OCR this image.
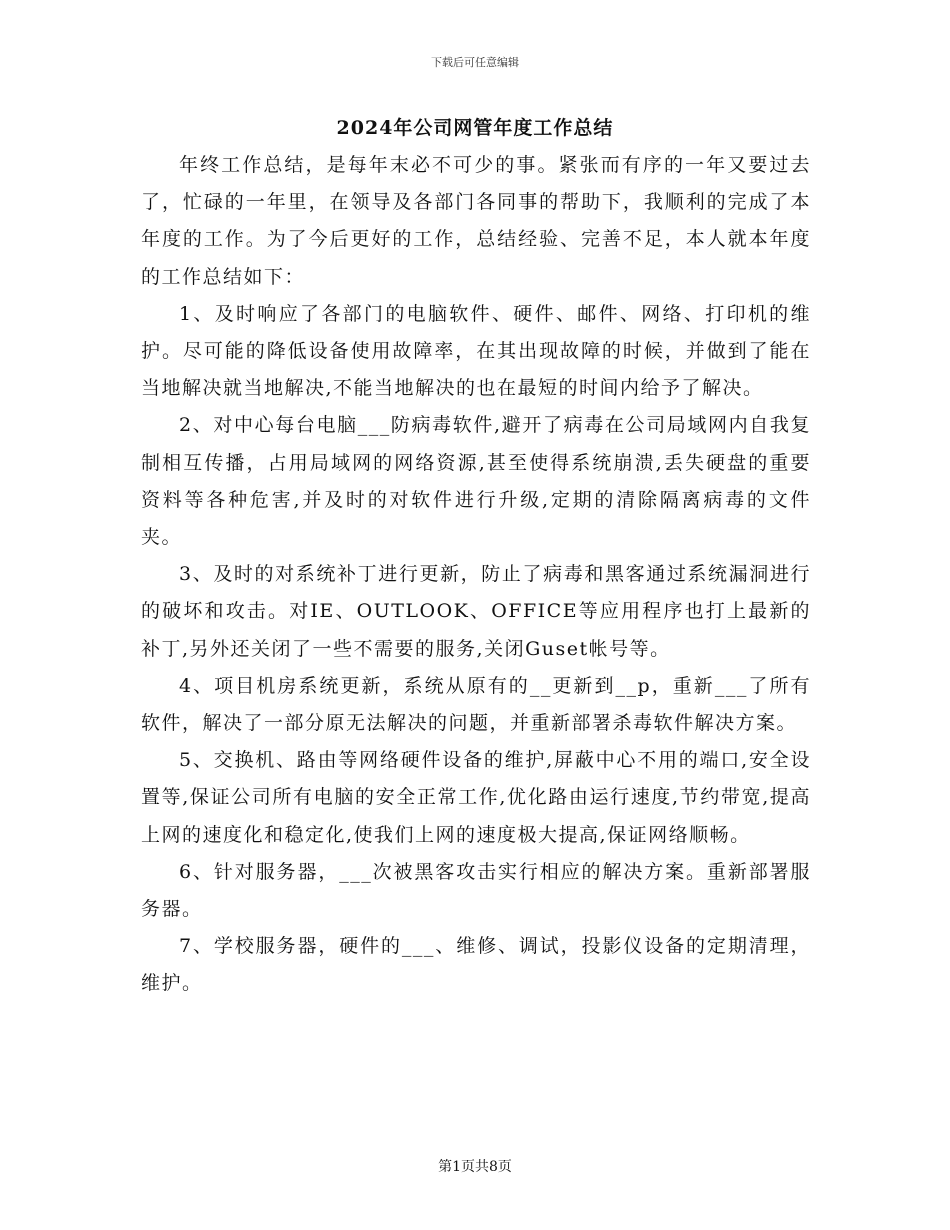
下载后可任意编辑
2024年公司网管年度工作总结

年终工作总结，是每年末必不可少的事。紧张而有序的一年又要过去了，忙碌的一年里，在领导及各部门各同事的帮助下，我顺利的完成了本年度的工作。为了今后更好的工作，总结经验、完善不足，本人就本年度的工作总结如下：

1、及时响应了各部门的电脑软件、硬件、邮件、网络、打印机的维护。尽可能的降低设备使用故障率，在其出现故障的时候，并做到了能在当地解决就当地解决,不能当地解决的也在最短的时间内给予了解决。

2、对中心每台电脑___防病毒软件,避开了病毒在公司局域网内自我复制相互传播，占用局域网的网络资源,甚至使得系统崩溃,丢失硬盘的重要资料等各种危害,并及时的对软件进行升级,定期的清除隔离病毒的文件夹。

3、及时的对系统补丁进行更新，防止了病毒和黑客通过系统漏洞进行的破坏和攻击。对IE、OUTLOOK、OFFICE等应用程序也打上最新的补丁,另外还关闭了一些不需要的服务,关闭Guset帐号等。

4、项目机房系统更新，系统从原有的__更新到__p，重新___了所有软件，解决了一部分原无法解决的问题，并重新部署杀毒软件解决方案。

5、交换机、路由等网络硬件设备的维护,屏蔽中心不用的端口,安全设置等,保证公司所有电脑的安全正常工作,优化路由运行速度,节约带宽,提高上网的速度化和稳定化,使我们上网的速度极大提高,保证网络顺畅。

6、针对服务器，___次被黑客攻击实行相应的解决方案。重新部署服务器。

7、学校服务器，硬件的___、维修、调试，投影仪设备的定期清理，维护。

第1页共8页
